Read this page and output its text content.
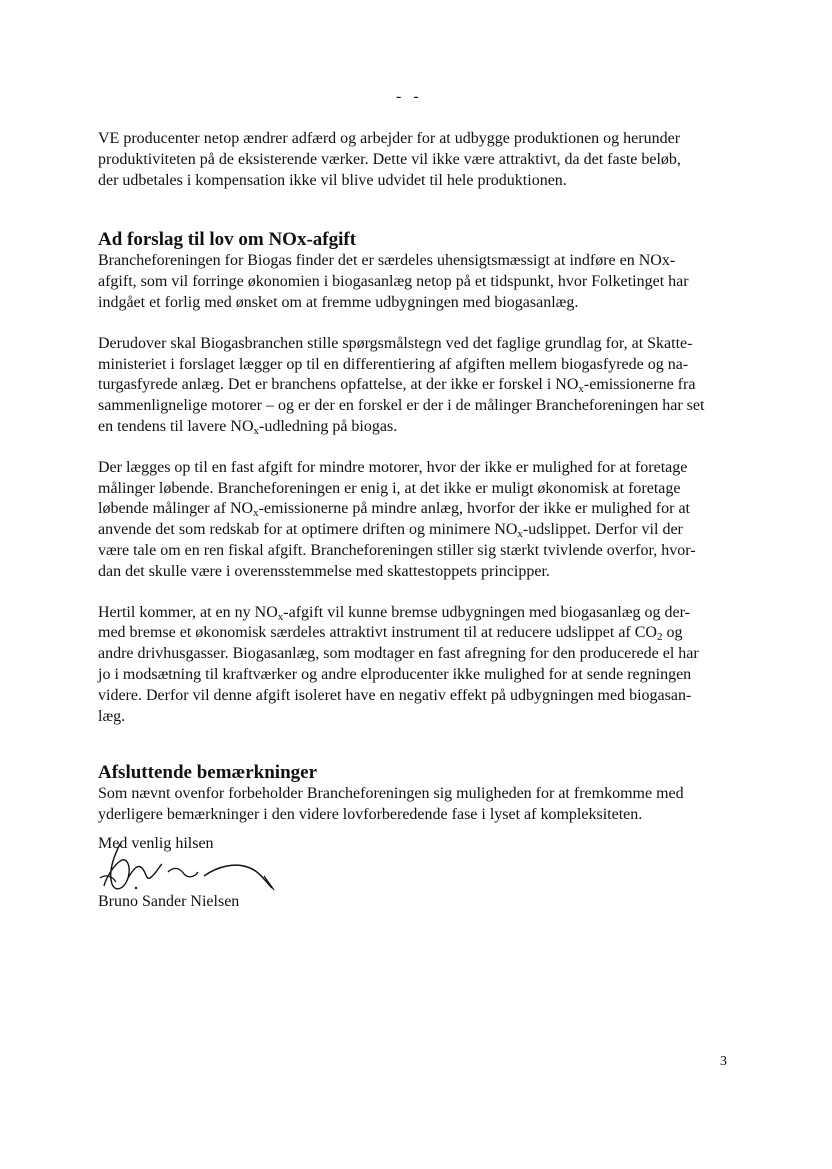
- -

VE producenter netop ændrer adfærd og arbejder for at udbygge produktionen og herunder
produktiviteten på de eksisterende værker. Dette vil ikke være attraktivt, da det faste beløb,
der udbetales i kompensation ikke vil blive udvidet til hele produktionen.

Ad forslag til lov om NOx-afgift

Brancheforeningen for Biogas finder det er særdeles uhensigtsmæssigt at indføre en NOx-
afgift, som vil forringe økonomien i biogasanlæg netop på et tidspunkt, hvor Folketinget har
indgået et forlig med ønsket om at fremme udbygningen med biogasanlæg.

Derudover skal Biogasbranchen stille spørgsmålstegn ved det faglige grundlag for, at Skatte-
ministeriet i forslaget lægger op til en differentiering af afgiften mellem biogasfyrede og na-
turgasfyrede anlæg. Det er branchens opfattelse, at der ikke er forskel i $NO_x$-emissionerne fra
sammenlignelige motorer – og er der en forskel er der i de målinger Brancheforeningen har set
en tendens til lavere $NO_x$-udledning på biogas.

Der lægges op til en fast afgift for mindre motorer, hvor der ikke er mulighed for at foretage
målinger løbende. Brancheforeningen er enig i, at det ikke er muligt økonomisk at foretage
løbende målinger af $NO_x$-emissionerne på mindre anlæg, hvorfor der ikke er mulighed for at
anvende det som redskab for at optimere driften og minimere $NO_x$-udslippet. Derfor vil der
være tale om en ren fiskal afgift. Brancheforeningen stiller sig stærkt tvivlende overfor, hvor-
dan det skulle være i overensstemmelse med skattestoppets principper.

Hertil kommer, at en ny $NO_x$-afgift vil kunne bremse udbygningen med biogasanlæg og der-
med bremse et økonomisk særdeles attraktivt instrument til at reducere udslippet af $CO_2$ og
andre drivhusgasser. Biogasanlæg, som modtager en fast afregning for den producerede el har
jo i modsætning til kraftværker og andre elproducenter ikke mulighed for at sende regningen
videre. Derfor vil denne afgift isoleret have en negativ effekt på udbygningen med biogasan-
læg.

Afsluttende bemærkninger

Som nævnt ovenfor forbeholder Brancheforeningen sig muligheden for at fremkomme med
yderligere bemærkninger i den videre lovforberedende fase i lyset af kompleksiteten.

Med venlig hilsen
Bruno Sander Nielsen
3
